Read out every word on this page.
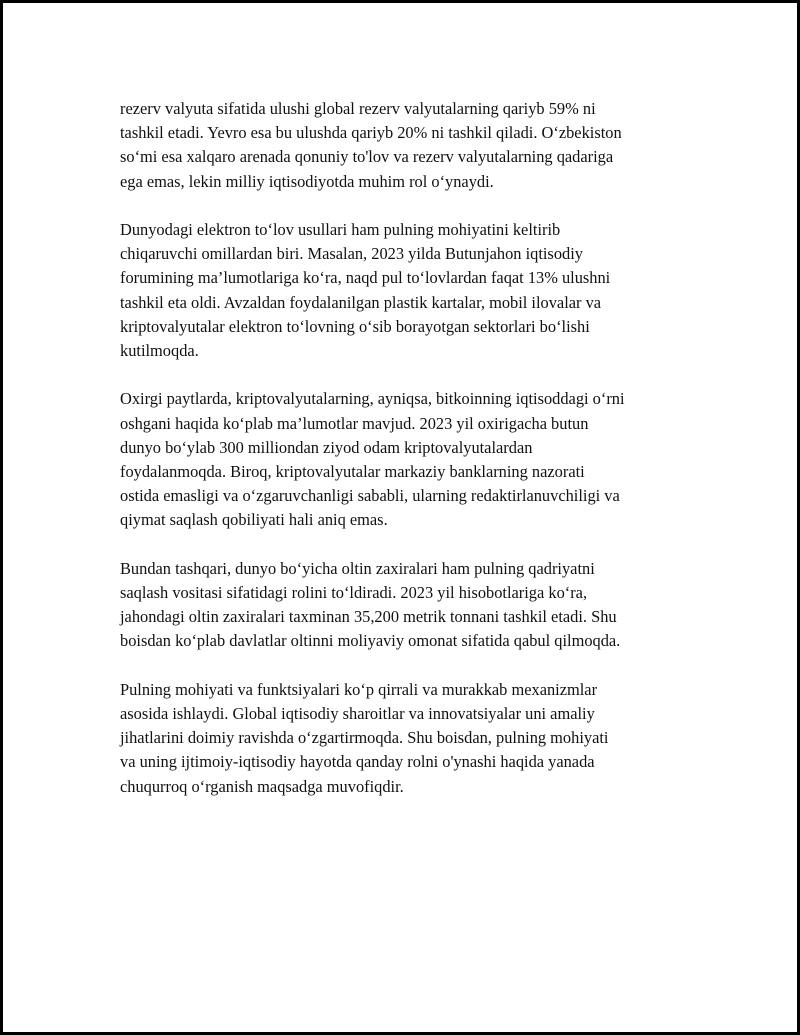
rezerv valyuta sifatida ulushi global rezerv valyutalarning qariyb 59% ni
tashkil etadi. Yevro esa bu ulushda qariyb 20% ni tashkil qiladi. O‘zbekiston
so‘mi esa xalqaro arenada qonuniy to'lov va rezerv valyutalarning qadariga
ega emas, lekin milliy iqtisodiyotda muhim rol o‘ynaydi.

Dunyodagi elektron to‘lov usullari ham pulning mohiyatini keltirib
chiqaruvchi omillardan biri. Masalan, 2023 yilda Butunjahon iqtisodiy
forumining ma’lumotlariga ko‘ra, naqd pul to‘lovlardan faqat 13% ulushni
tashkil eta oldi. Avzaldan foydalanilgan plastik kartalar, mobil ilovalar va
kriptovalyutalar elektron to‘lovning o‘sib borayotgan sektorlari bo‘lishi
kutilmoqda.

Oxirgi paytlarda, kriptovalyutalarning, ayniqsa, bitkoinning iqtisoddagi o‘rni
oshgani haqida ko‘plab ma’lumotlar mavjud. 2023 yil oxirigacha butun
dunyo bo‘ylab 300 milliondan ziyod odam kriptovalyutalardan
foydalanmoqda. Biroq, kriptovalyutalar markaziy banklarning nazorati
ostida emasligi va o‘zgaruvchanligi sababli, ularning redaktirlanuvchiligi va
qiymat saqlash qobiliyati hali aniq emas.

Bundan tashqari, dunyo bo‘yicha oltin zaxiralari ham pulning qadriyatni
saqlash vositasi sifatidagi rolini to‘ldiradi. 2023 yil hisobotlariga ko‘ra,
jahondagi oltin zaxiralari taxminan 35,200 metrik tonnani tashkil etadi. Shu
boisdan ko‘plab davlatlar oltinni moliyaviy omonat sifatida qabul qilmoqda.

Pulning mohiyati va funktsiyalari ko‘p qirrali va murakkab mexanizmlar
asosida ishlaydi. Global iqtisodiy sharoitlar va innovatsiyalar uni amaliy
jihatlarini doimiy ravishda o‘zgartirmoqda. Shu boisdan, pulning mohiyati
va uning ijtimoiy-iqtisodiy hayotda qanday rolni o'ynashi haqida yanada
chuqurroq o‘rganish maqsadga muvofiqdir.
